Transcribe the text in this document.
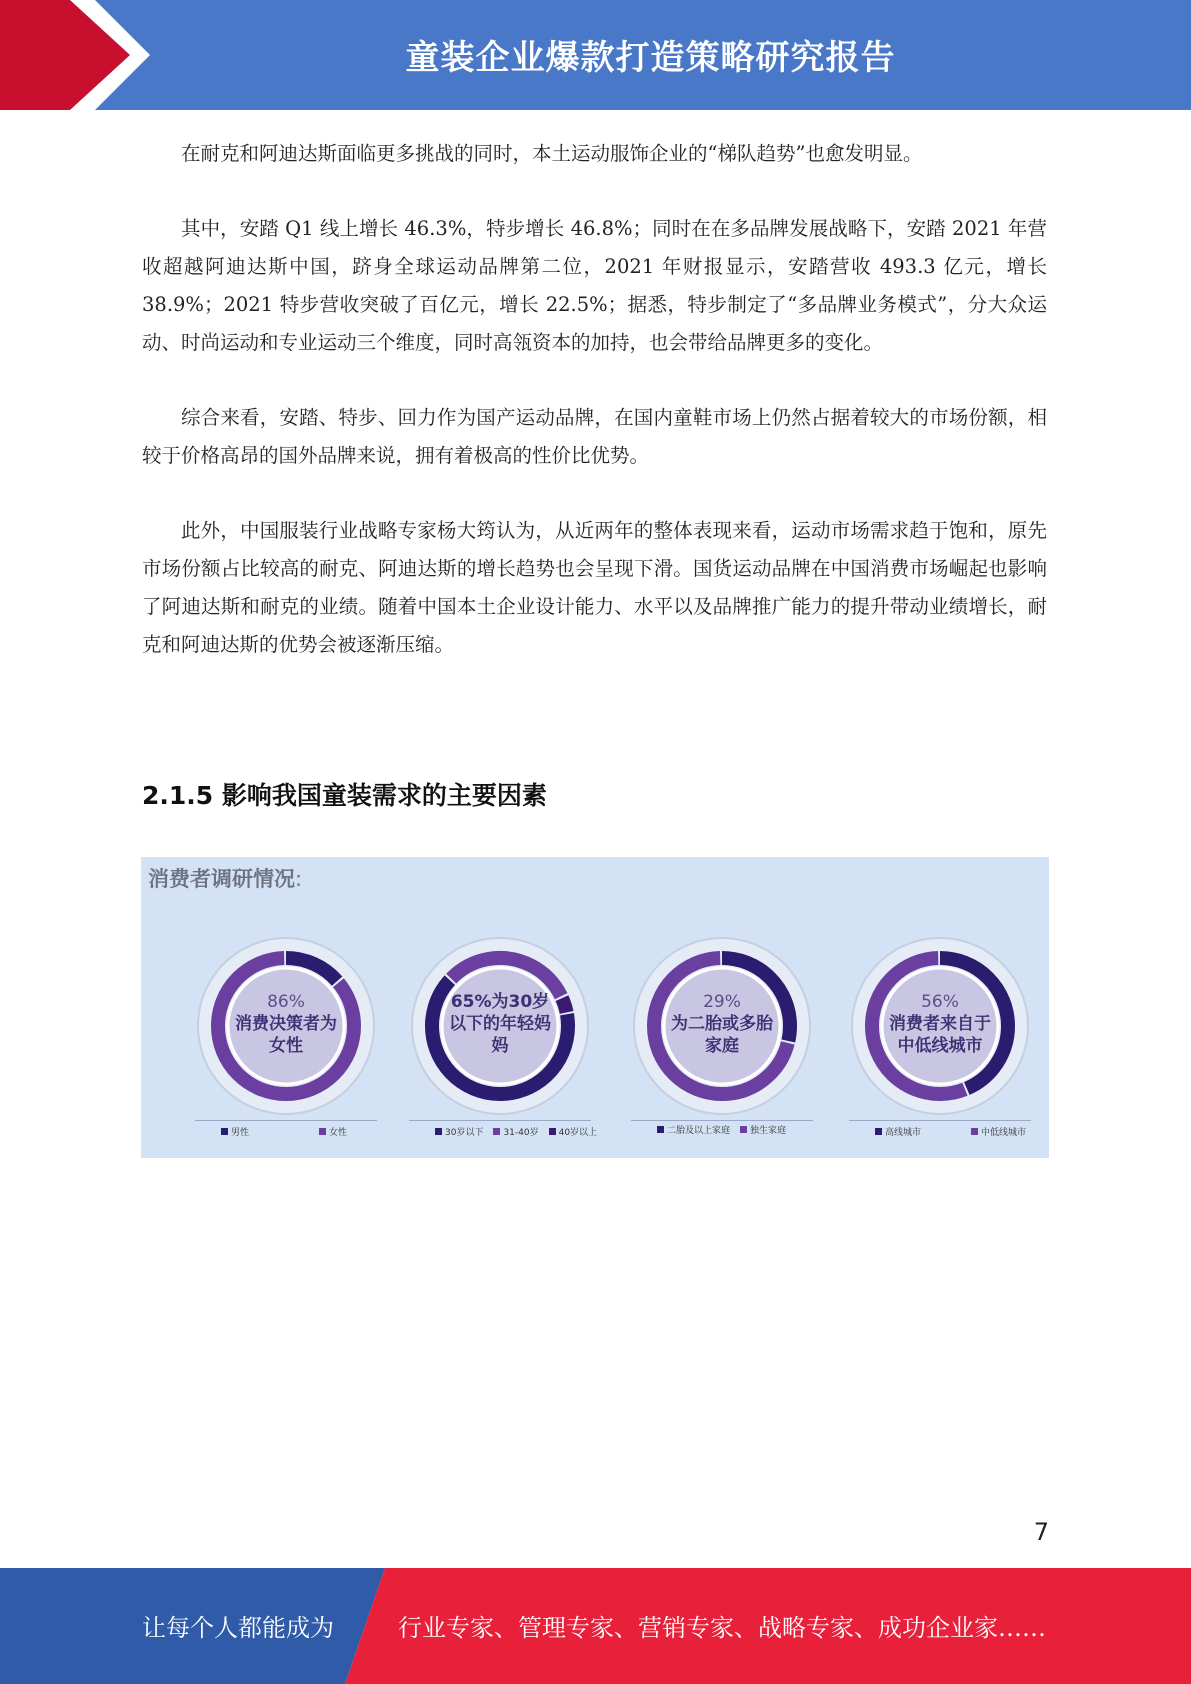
童装企业爆款打造策略研究报告

在耐克和阿迪达斯面临更多挑战的同时，本土运动服饰企业的“梯队趋势”也愈发明显。

其中，安踏 Q1 线上增长 46.3%，特步增长 46.8%；同时在在多品牌发展战略下，安踏 2021 年营收超越阿迪达斯中国，跻身全球运动品牌第二位，2021 年财报显示，安踏营收 493.3 亿元，增长 38.9%；2021 特步营收突破了百亿元，增长 22.5%；据悉，特步制定了“多品牌业务模式”，分大众运动、时尚运动和专业运动三个维度，同时高瓴资本的加持，也会带给品牌更多的变化。

综合来看，安踏、特步、回力作为国产运动品牌，在国内童鞋市场上仍然占据着较大的市场份额，相较于价格高昂的国外品牌来说，拥有着极高的性价比优势。

此外，中国服装行业战略专家杨大筠认为，从近两年的整体表现来看，运动市场需求趋于饱和，原先市场份额占比较高的耐克、阿迪达斯的增长趋势也会呈现下滑。国货运动品牌在中国消费市场崛起也影响了阿迪达斯和耐克的业绩。随着中国本土企业设计能力、水平以及品牌推广能力的提升带动业绩增长，耐克和阿迪达斯的优势会被逐渐压缩。

2.1.5 影响我国童装需求的主要因素
消费者调研情况:
86%
消费决策者为女性
男性	女性
65%为30岁
以下的年轻妈妈
30岁以下 31-40岁 40岁以上
29%
为二胎或多胎家庭
二胎及以上家庭 独生家庭
56%
消费者来自于中低线城市
高线城市	中低线城市
7
让每个人都能成为	行业专家、管理专家、营销专家、战略专家、成功企业家……
